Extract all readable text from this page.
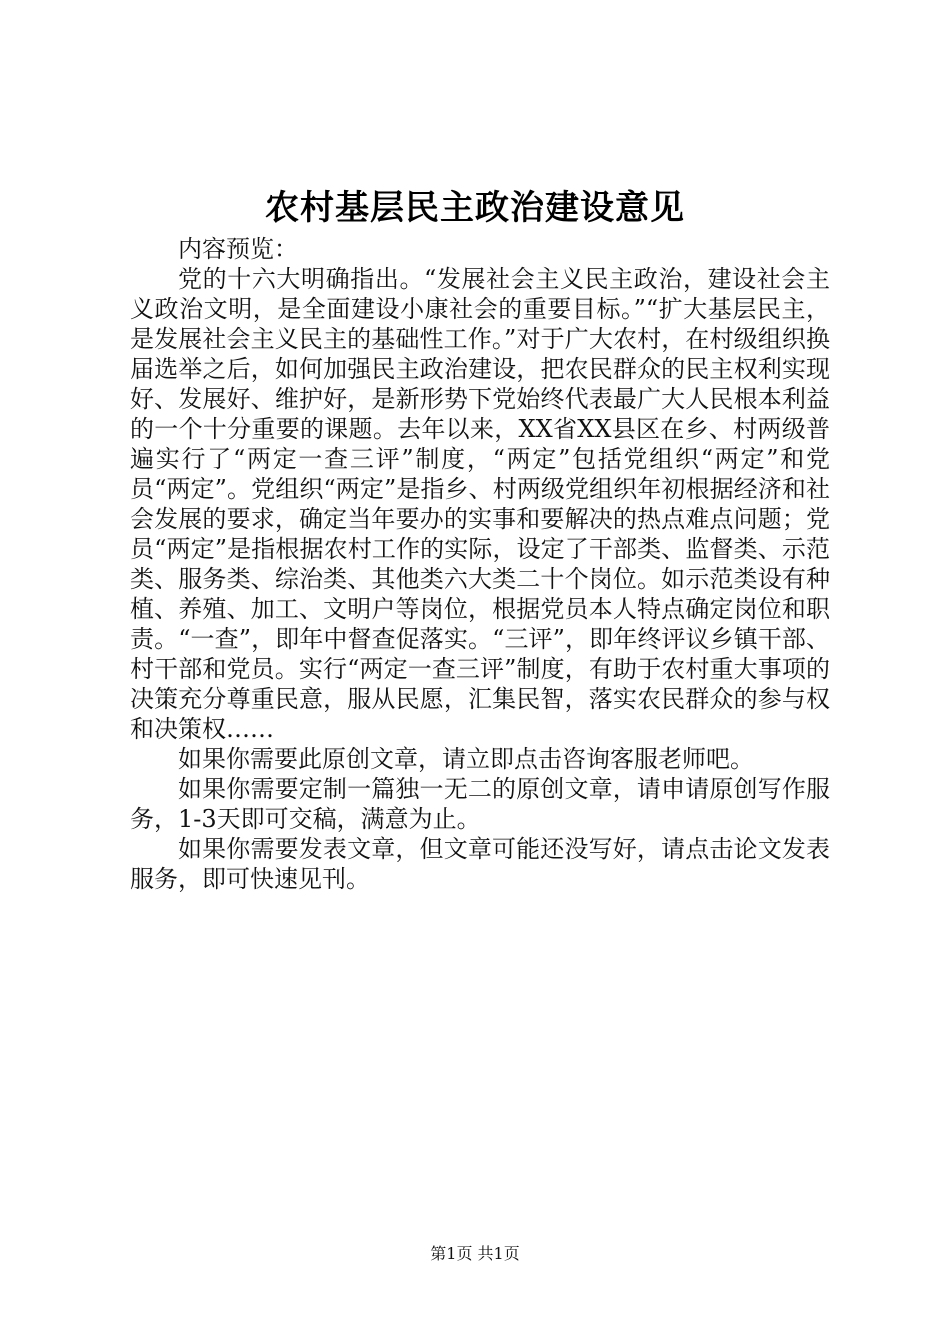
农村基层民主政治建设意见

内容预览：

党的十六大明确指出。“发展社会主义民主政治，建设社会主义政治文明，是全面建设小康社会的重要目标。”“扩大基层民主，是发展社会主义民主的基础性工作。”对于广大农村，在村级组织换届选举之后，如何加强民主政治建设，把农民群众的民主权利实现好、发展好、维护好，是新形势下党始终代表最广大人民根本利益的一个十分重要的课题。去年以来，XX省XX县区在乡、村两级普遍实行了“两定一查三评”制度，“两定”包括党组织“两定”和党员“两定”。党组织“两定”是指乡、村两级党组织年初根据经济和社会发展的要求，确定当年要办的实事和要解决的热点难点问题；党员“两定”是指根据农村工作的实际，设定了干部类、监督类、示范类、服务类、综治类、其他类六大类二十个岗位。如示范类设有种植、养殖、加工、文明户等岗位，根据党员本人特点确定岗位和职责。“一查”，即年中督查促落实。“三评”，即年终评议乡镇干部、村干部和党员。实行“两定一查三评”制度，有助于农村重大事项的决策充分尊重民意，服从民愿，汇集民智，落实农民群众的参与权和决策权……

如果你需要此原创文章，请立即点击咨询客服老师吧。

如果你需要定制一篇独一无二的原创文章，请申请原创写作服务，1-3天即可交稿，满意为止。

如果你需要发表文章，但文章可能还没写好，请点击论文发表服务，即可快速见刊。

第1页 共1页
